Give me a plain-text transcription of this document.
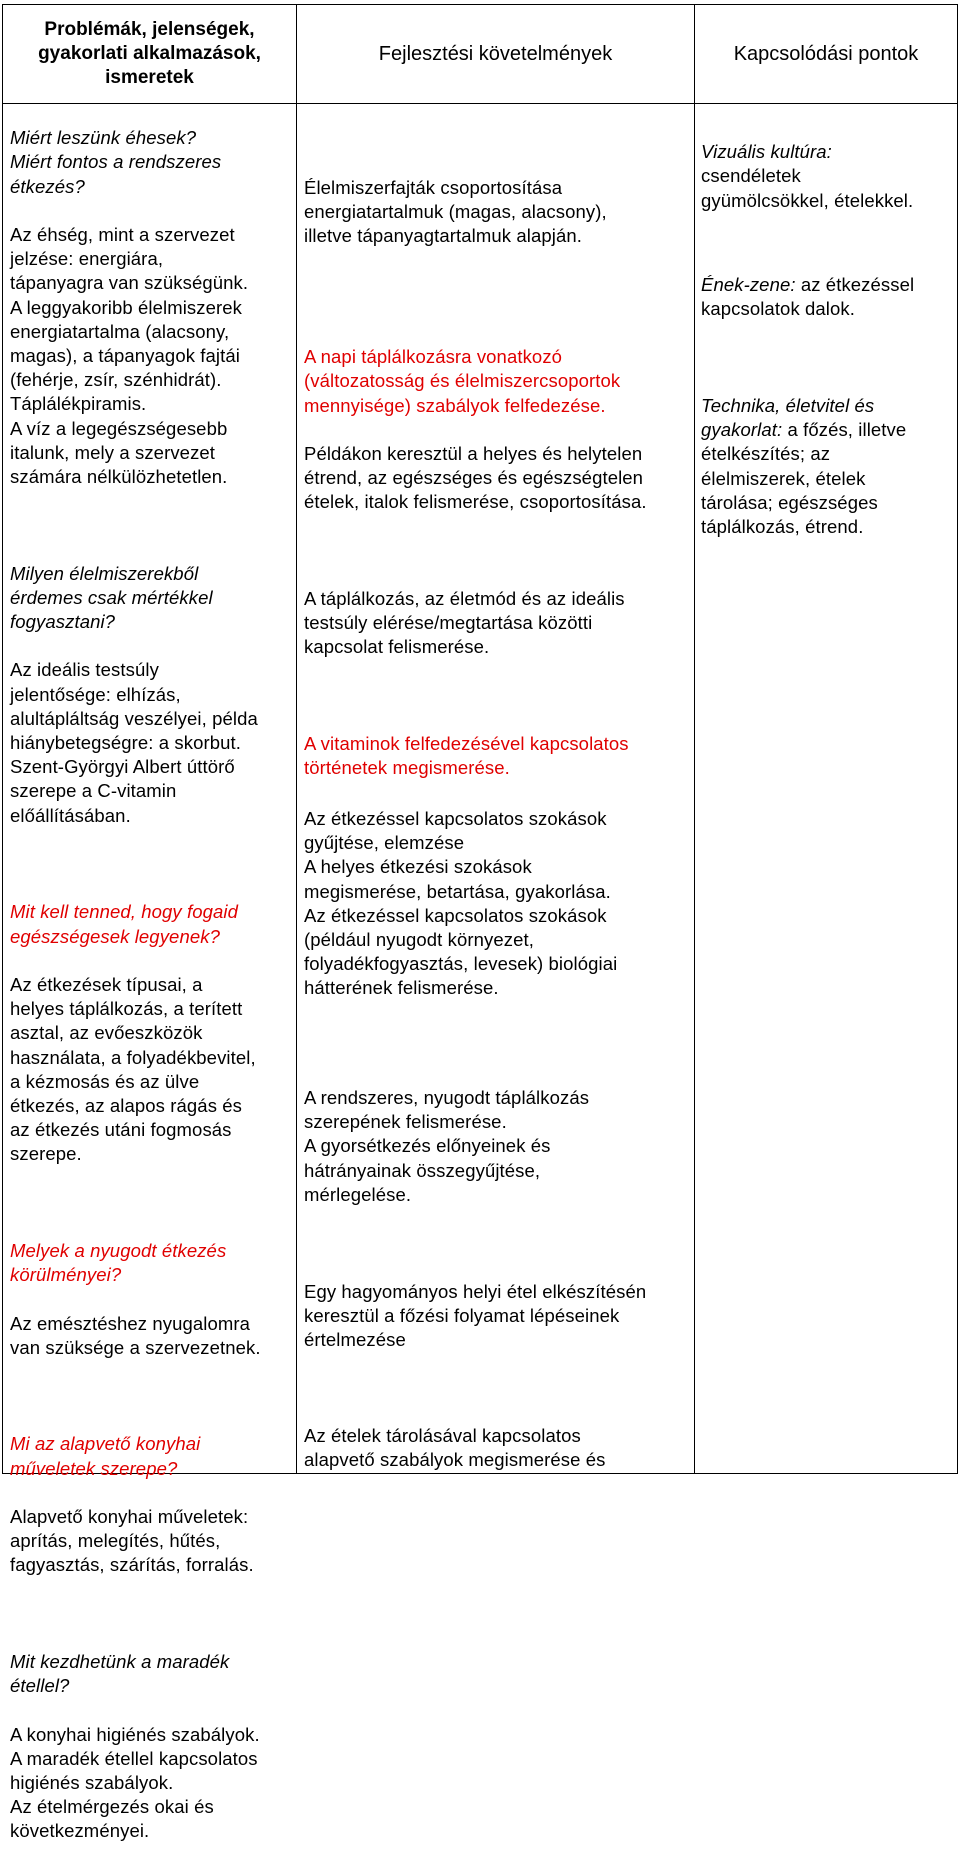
Problémák, jelenségek,
gyakorlati alkalmazások,
ismeretek
Fejlesztési követelmények	Kapcsolódási pontok

Miért leszünk éhesek?
Miért fontos a rendszeres
étkezés?

Az éhség, mint a szervezet
jelzése: energiára,
tápanyagra van szükségünk.
A leggyakoribb élelmiszerek
energiatartalma (alacsony,
magas), a tápanyagok fajtái
(fehérje, zsír, szénhidrát).
Táplálékpiramis.
A víz a legegészségesebb
italunk, mely a szervezet
számára nélkülözhetetlen.

Milyen élelmiszerekből
érdemes csak mértékkel
fogyasztani?

Az ideális testsúly
jelentősége: elhízás,
alultápláltság veszélyei, példa
hiánybetegségre: a skorbut.
Szent-Györgyi Albert úttörő
szerepe a C-vitamin
előállításában.

Mit kell tenned, hogy fogaid
egészségesek legyenek?

Az étkezések típusai, a
helyes táplálkozás, a terített
asztal, az evőeszközök
használata, a folyadékbevitel,
a kézmosás és az ülve
étkezés, az alapos rágás és
az étkezés utáni fogmosás
szerepe.

Melyek a nyugodt étkezés
körülményei?

Az emésztéshez nyugalomra
van szüksége a szervezetnek.

Mi az alapvető konyhai
műveletek szerepe?

Alapvető konyhai műveletek:
aprítás, melegítés, hűtés,
fagyasztás, szárítás, forralás.

Mit kezdhetünk a maradék
étellel?

A konyhai higiénés szabályok.
A maradék étellel kapcsolatos
higiénés szabályok.
Az ételmérgezés okai és
következményei.

Élelmiszerfajták csoportosítása
energiatartalmuk (magas, alacsony),
illetve tápanyagtartalmuk alapján.

A napi táplálkozásra vonatkozó
(változatosság és élelmiszercsoportok
mennyisége) szabályok felfedezése.

Példákon keresztül a helyes és helytelen
étrend, az egészséges és egészségtelen
ételek, italok felismerése, csoportosítása.

A táplálkozás, az életmód és az ideális
testsúly elérése/megtartása közötti
kapcsolat felismerése.

A vitaminok felfedezésével kapcsolatos
történetek megismerése.

Az étkezéssel kapcsolatos szokások
gyűjtése, elemzése
A helyes étkezési szokások
megismerése, betartása, gyakorlása.
Az étkezéssel kapcsolatos szokások
(például nyugodt környezet,
folyadékfogyasztás, levesek) biológiai
hátterének felismerése.
A rendszeres, nyugodt táplálkozás
szerepének felismerése.
A gyorsétkezés előnyeinek és
hátrányainak összegyűjtése,
mérlegelése.
Egy hagyományos helyi étel elkészítésén
keresztül a főzési folyamat lépéseinek
értelmezése
Az ételek tárolásával kapcsolatos
alapvető szabályok megismerése és

Vizuális kultúra:
csendéletek
gyümölcsökkel, ételekkel.

Ének-zene: az étkezéssel
kapcsolatok dalok.

Technika, életvitel és
gyakorlat: a főzés, illetve
ételkészítés; az
élelmiszerek, ételek
tárolása; egészséges
táplálkozás, étrend.
